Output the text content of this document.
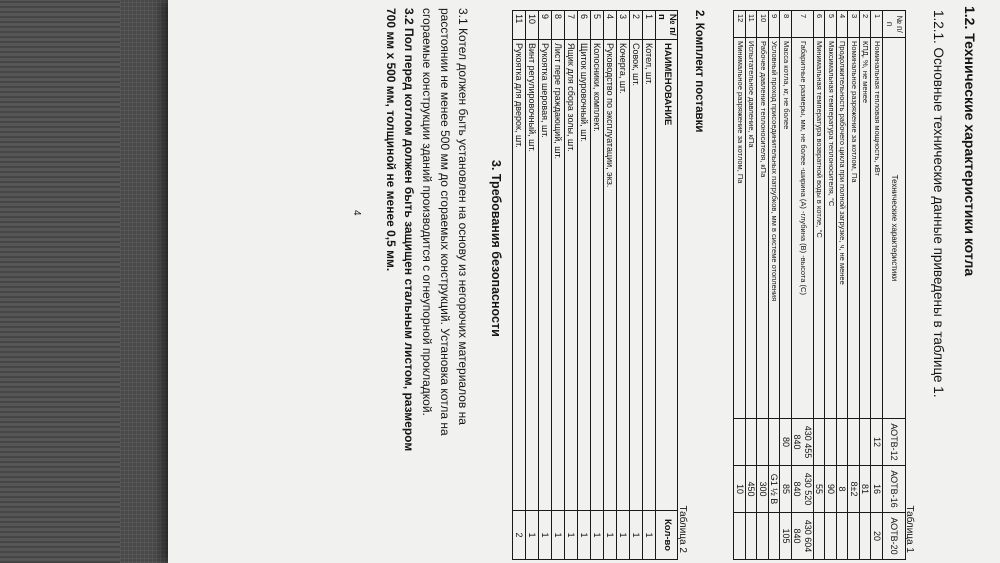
1.2. Технические характеристики котла
1.2.1. Основные технические данные приведены в таблице 1.
Таблица 1
№ п/п	Технические характеристики	АОТВ-12	АОТВ-16	АОТВ-20
1	Номинальная тепловая мощность, кВт	12	16	20
2	КПД, %, не менее		81	
3	Номинальное разряжение за котлом, Па		8±2	
4	Продолжительность рабочего цикла при полной загрузке, ч, не менее		8	
5	Максимальная температура теплоносителя, °С		90	
6	Минимальная температура возвратной воды в котле, °С		55	
7	Габаритные размеры, мм, не более -ширина (А) -глубина (В) -высота (С)	430 455 840	430 520 840	430 604 840
8	Масса котла, кг, не более	80	85	105
9	Условный проход присоединительных патрубков, мм в системе отопления		G1 ½ B	
10	Рабочее давление теплоносителя, кПа		300	
11	Испытательное давление, кПа		450	
12	Минимальное разряжение за котлом, Па		10	
2. Комплект поставки
Таблица 2
№ п/п	НАИМЕНОВАНИЕ	Кол-во
1	Котел, шт.	1
2	Совок, шт.	1
3	Кочерга, шт.	1
4	Руководство по эксплуатации, экз.	1
5	Колосники, комплект.	1
6	Щиток шуровочный, шт.	1
7	Ящик для сбора золы, шт.	1
8	Лист пере граждающий, шт.	1
9	Рукоятка шеровая, шт.	1
10	Винт регулировочный, шт.	1
11	Рукоятка для дверок, шт.	2
3. Требования безопасности
3.1 Котел должен быть установлен на основу из негорючих материалов на
расстоянии не менее 500 мм до сгораемых конструкций. Установка котла на
сгораемые конструкции зданий производится с огнеупорной прокладкой.
3.2 Пол перед котлом должен быть защищен стальным листом, размером
700 мм х 500 мм, толщиной не менее 0,5 мм.
4
